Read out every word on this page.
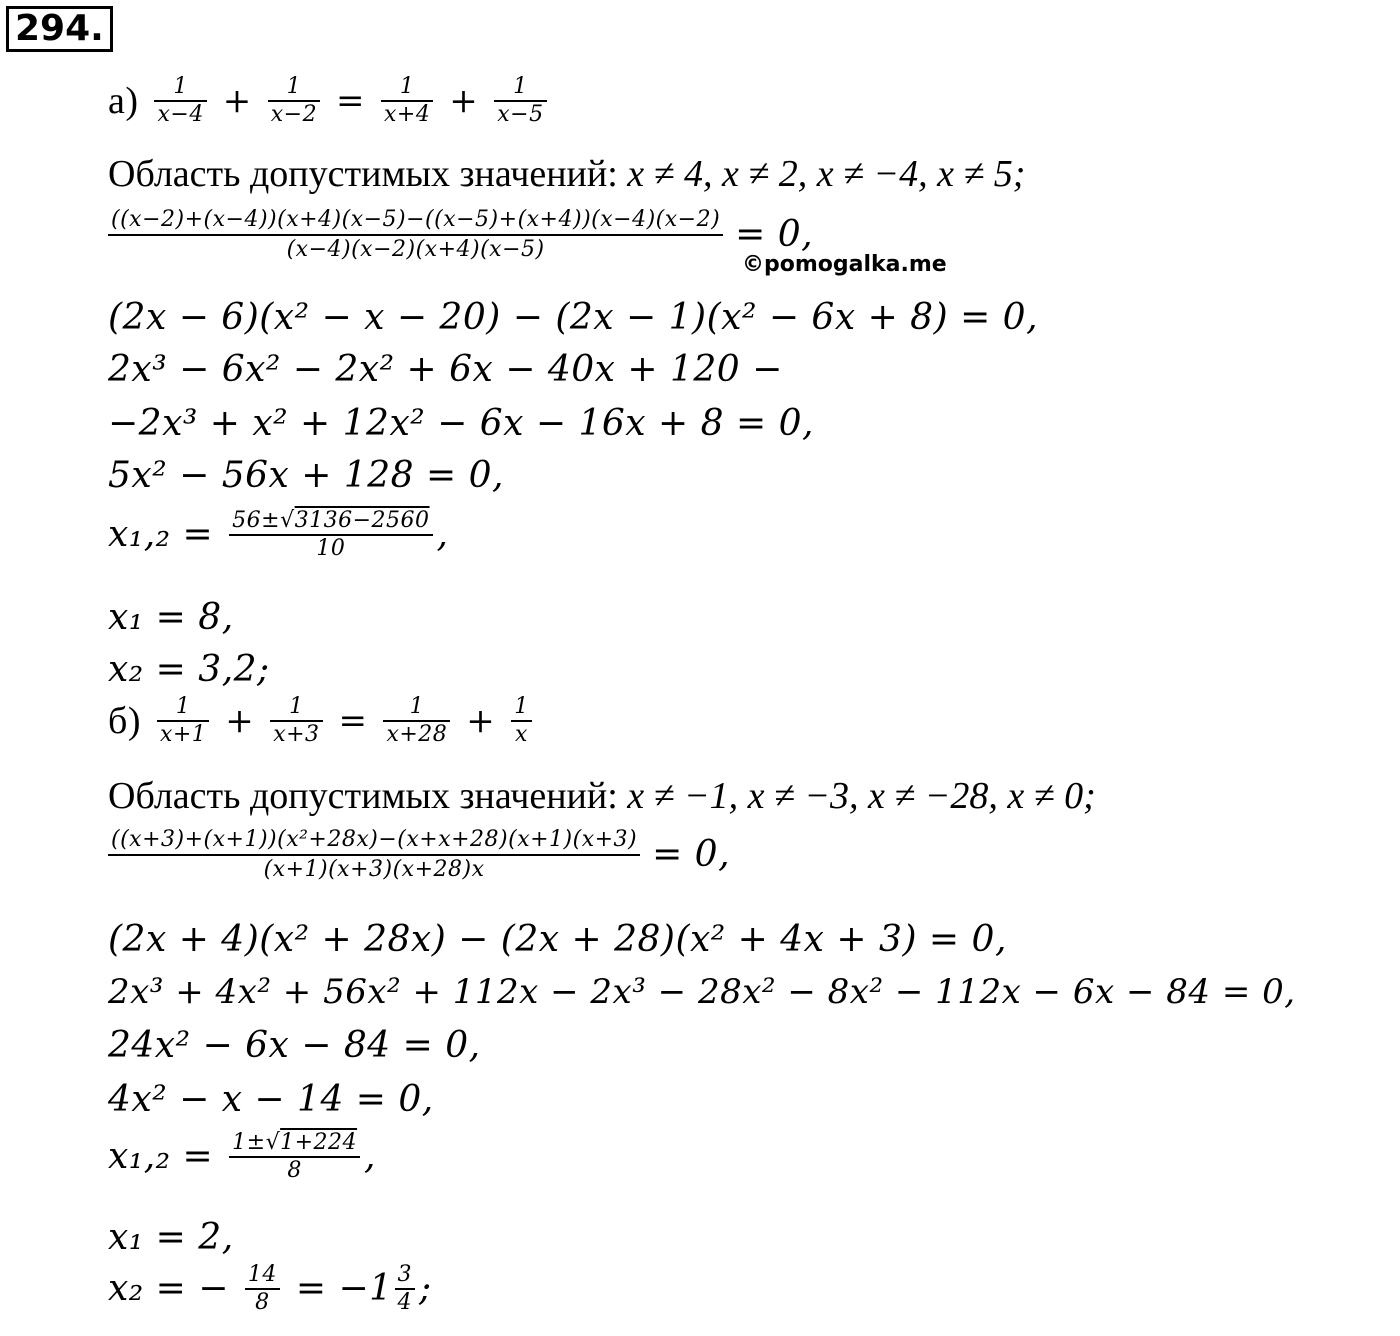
294.
$а) \frac{1}{x-4} + \frac{1}{x-2} = \frac{1}{x+4} + \frac{1}{x-5}$
Область допустимых значений: x ≠ 4, x ≠ 2, x ≠ −4, x ≠ 5;
$\frac{((x-2)+(x-4))(x+4)(x-5)-((x-5)+(x+4))(x-4)(x-2)}{(x-4)(x-2)(x+4)(x-5)} = 0$,
©pomogalka.me
(2x − 6)(x² − x − 20) − (2x − 1)(x² − 6x + 8) = 0,
2x³ − 6x² − 2x² + 6x − 40x + 120 −
−2x³ + x² + 12x² − 6x − 16x + 8 = 0,
5x² − 56x + 128 = 0,
$x_1,_2 = \frac{56\pm√3136-2560}{10}$ ,
x₁ = 8,
x₂ = 3,2;
$б) \frac{1}{x+1} + \frac{1}{x+3} = \frac{1}{x+28} + \frac{1}{x}$
Область допустимых значений: x ≠ −1, x ≠ −3, x ≠ −28, x ≠ 0;
$\frac{\text{((x+3)+(x+1))(x²+28x)−(x+x+28)(x+1)(x+3)}}{(x+1)(x+3)(x+28)x} = 0$,
(2x + 4)(x² + 28x) − (2x + 28)(x² + 4x + 3) = 0,
2x³ + 4x² + 56x² + 112x − 2x³ − 28x² − 8x² − 112x − 6x − 84 = 0,
24x² − 6x − 84 = 0,
4x² − x − 14 = 0,
$x_1,_2 = \frac{1\pm√1+224}{8}$ ,
x₁ = 2,
x₂ = − $\frac{14}{8} = -1 \frac{3}{4}$ ;
